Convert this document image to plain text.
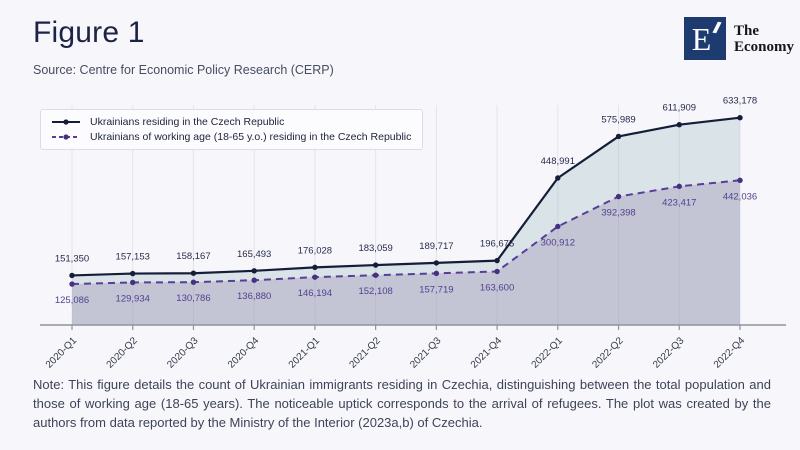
Figure 1
Source: Centre for Economic Policy Research (CERP)
E	The
Economy
Ukrainians residing in the Czech Republic
Ukrainians of working age (18-65 y.o.) residing in the Czech Republic
151,350	157,153	158,167	165,493	176,028	183,059	189,717	196,675
448,991
575,989
611,909
633,178
125,086	129,934	130,786	136,880	146,194	152,108	157,719	163,600
300,912
392,398
423,417
442,036
2020-Q1	2020-Q2	2020-Q3	2020-Q4	2021-Q1	2021-Q2	2021-Q3	2021-Q4	2022-Q1	2022-Q2	2022-Q3	2022-Q4
Note: This figure details the count of Ukrainian immigrants residing in Czechia, distinguishing between the total population and those of working age (18-65 years). The noticeable uptick corresponds to the arrival of refugees. The plot was created by the authors from data reported by the Ministry of the Interior (2023a,b) of Czechia.
